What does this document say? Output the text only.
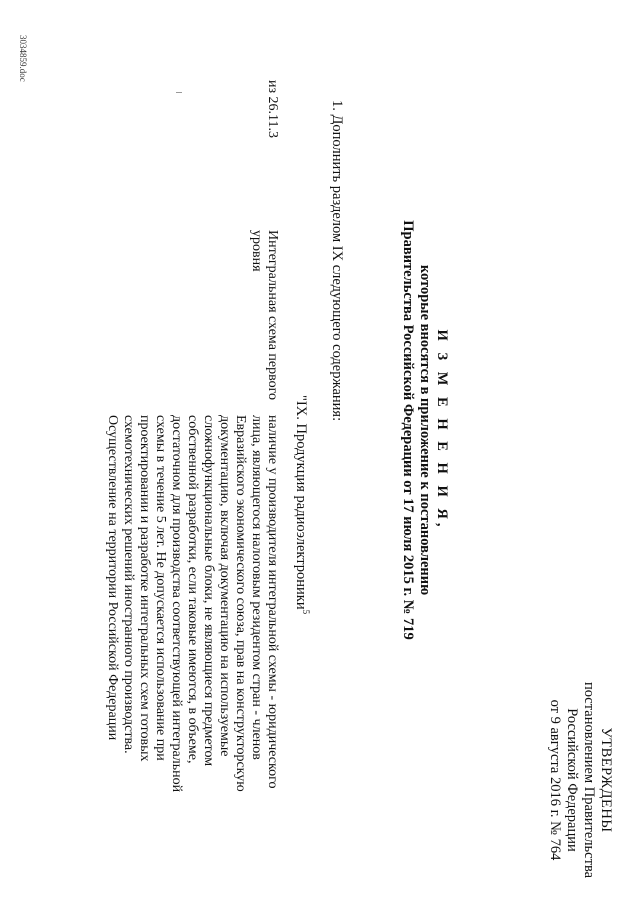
УТВЕРЖДЕНЫ
постановлением Правительства
Российской Федерации
от 9 августа 2016 г. № 764
И З М Е Н Е Н И Я,
которые вносятся в приложение к постановлению
Правительства Российской Федерации от 17 июля 2015 г. № 719
1. Дополнить разделом IX следующего содержания:
"IX. Продукция радиоэлектроники$^5$
из 26.11.3
Интегральная схема первого
уровня
наличие у производителя интегральной схемы - юридического
лица, являющегося налоговым резидентом стран - членов
Евразийского экономического союза, прав на конструкторскую
документацию, включая документацию на используемые
сложнофункциональные блоки, не являющиеся предметом
собственной разработки, если таковые имеются, в объеме,
достаточном для производства соответствующей интегральной
схемы в течение 5 лет. Не допускается использование при
проектировании и разработке интегральных схем готовых
схемотехнических решений иностранного производства.
Осуществление на территории Российской Федерации
3034859.doc
